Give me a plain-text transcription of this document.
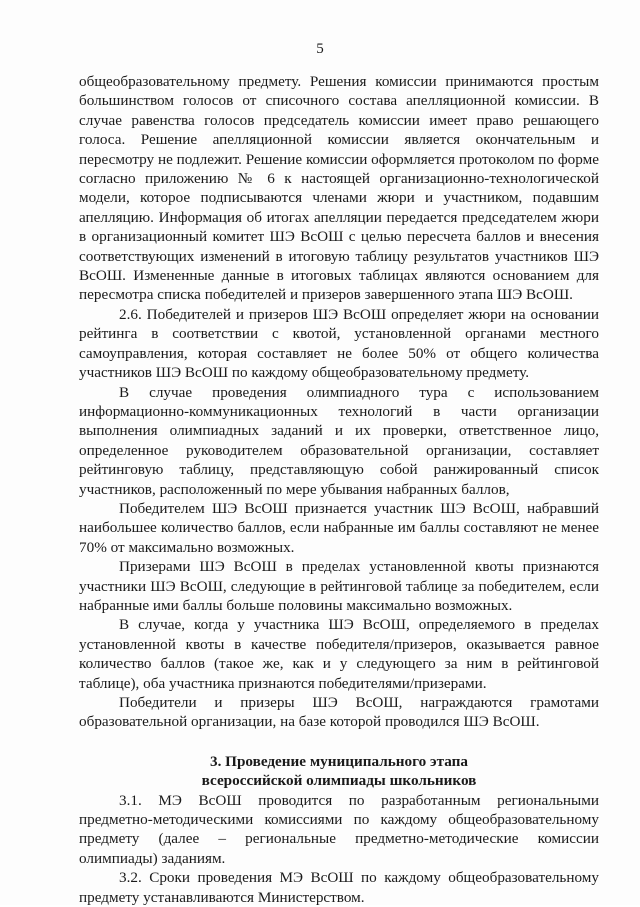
5

общеобразовательному предмету. Решения комиссии принимаются простым большинством голосов от списочного состава апелляционной комиссии. В случае равенства голосов председатель комиссии имеет право решающего голоса. Решение апелляционной комиссии является окончательным и пересмотру не подлежит. Решение комиссии оформляется протоколом по форме согласно приложению № 6 к настоящей организационно-технологической модели, которое подписываются членами жюри и участником, подавшим апелляцию. Информация об итогах апелляции передается председателем жюри в организационный комитет ШЭ ВсОШ с целью пересчета баллов и внесения соответствующих изменений в итоговую таблицу результатов участников ШЭ ВсОШ. Измененные данные в итоговых таблицах являются основанием для пересмотра списка победителей и призеров завершенного этапа ШЭ ВсОШ.

2.6. Победителей и призеров ШЭ ВсОШ определяет жюри на основании рейтинга в соответствии с квотой, установленной органами местного самоуправления, которая составляет не более 50% от общего количества участников ШЭ ВсОШ по каждому общеобразовательному предмету.

В случае проведения олимпиадного тура с использованием информационно-коммуникационных технологий в части организации выполнения олимпиадных заданий и их проверки, ответственное лицо, определенное руководителем образовательной организации, составляет рейтинговую таблицу, представляющую собой ранжированный список участников, расположенный по мере убывания набранных баллов,

Победителем ШЭ ВсОШ признается участник ШЭ ВсОШ, набравший наибольшее количество баллов, если набранные им баллы составляют не менее 70% от максимально возможных.

Призерами ШЭ ВсОШ в пределах установленной квоты признаются участники ШЭ ВсОШ, следующие в рейтинговой таблице за победителем, если набранные ими баллы больше половины максимально возможных.

В случае, когда у участника ШЭ ВсОШ, определяемого в пределах установленной квоты в качестве победителя/призеров, оказывается равное количество баллов (такое же, как и у следующего за ним в рейтинговой таблице), оба участника признаются победителями/призерами.

Победители и призеры ШЭ ВсОШ, награждаются грамотами образовательной организации, на базе которой проводился ШЭ ВсОШ.

3. Проведение муниципального этапа
всероссийской олимпиады школьников

3.1. МЭ ВсОШ проводится по разработанным региональными предметно-методическими комиссиями по каждому общеобразовательному предмету (далее – региональные предметно-методические комиссии олимпиады) заданиям.

3.2. Сроки проведения МЭ ВсОШ по каждому общеобразовательному предмету устанавливаются Министерством.
